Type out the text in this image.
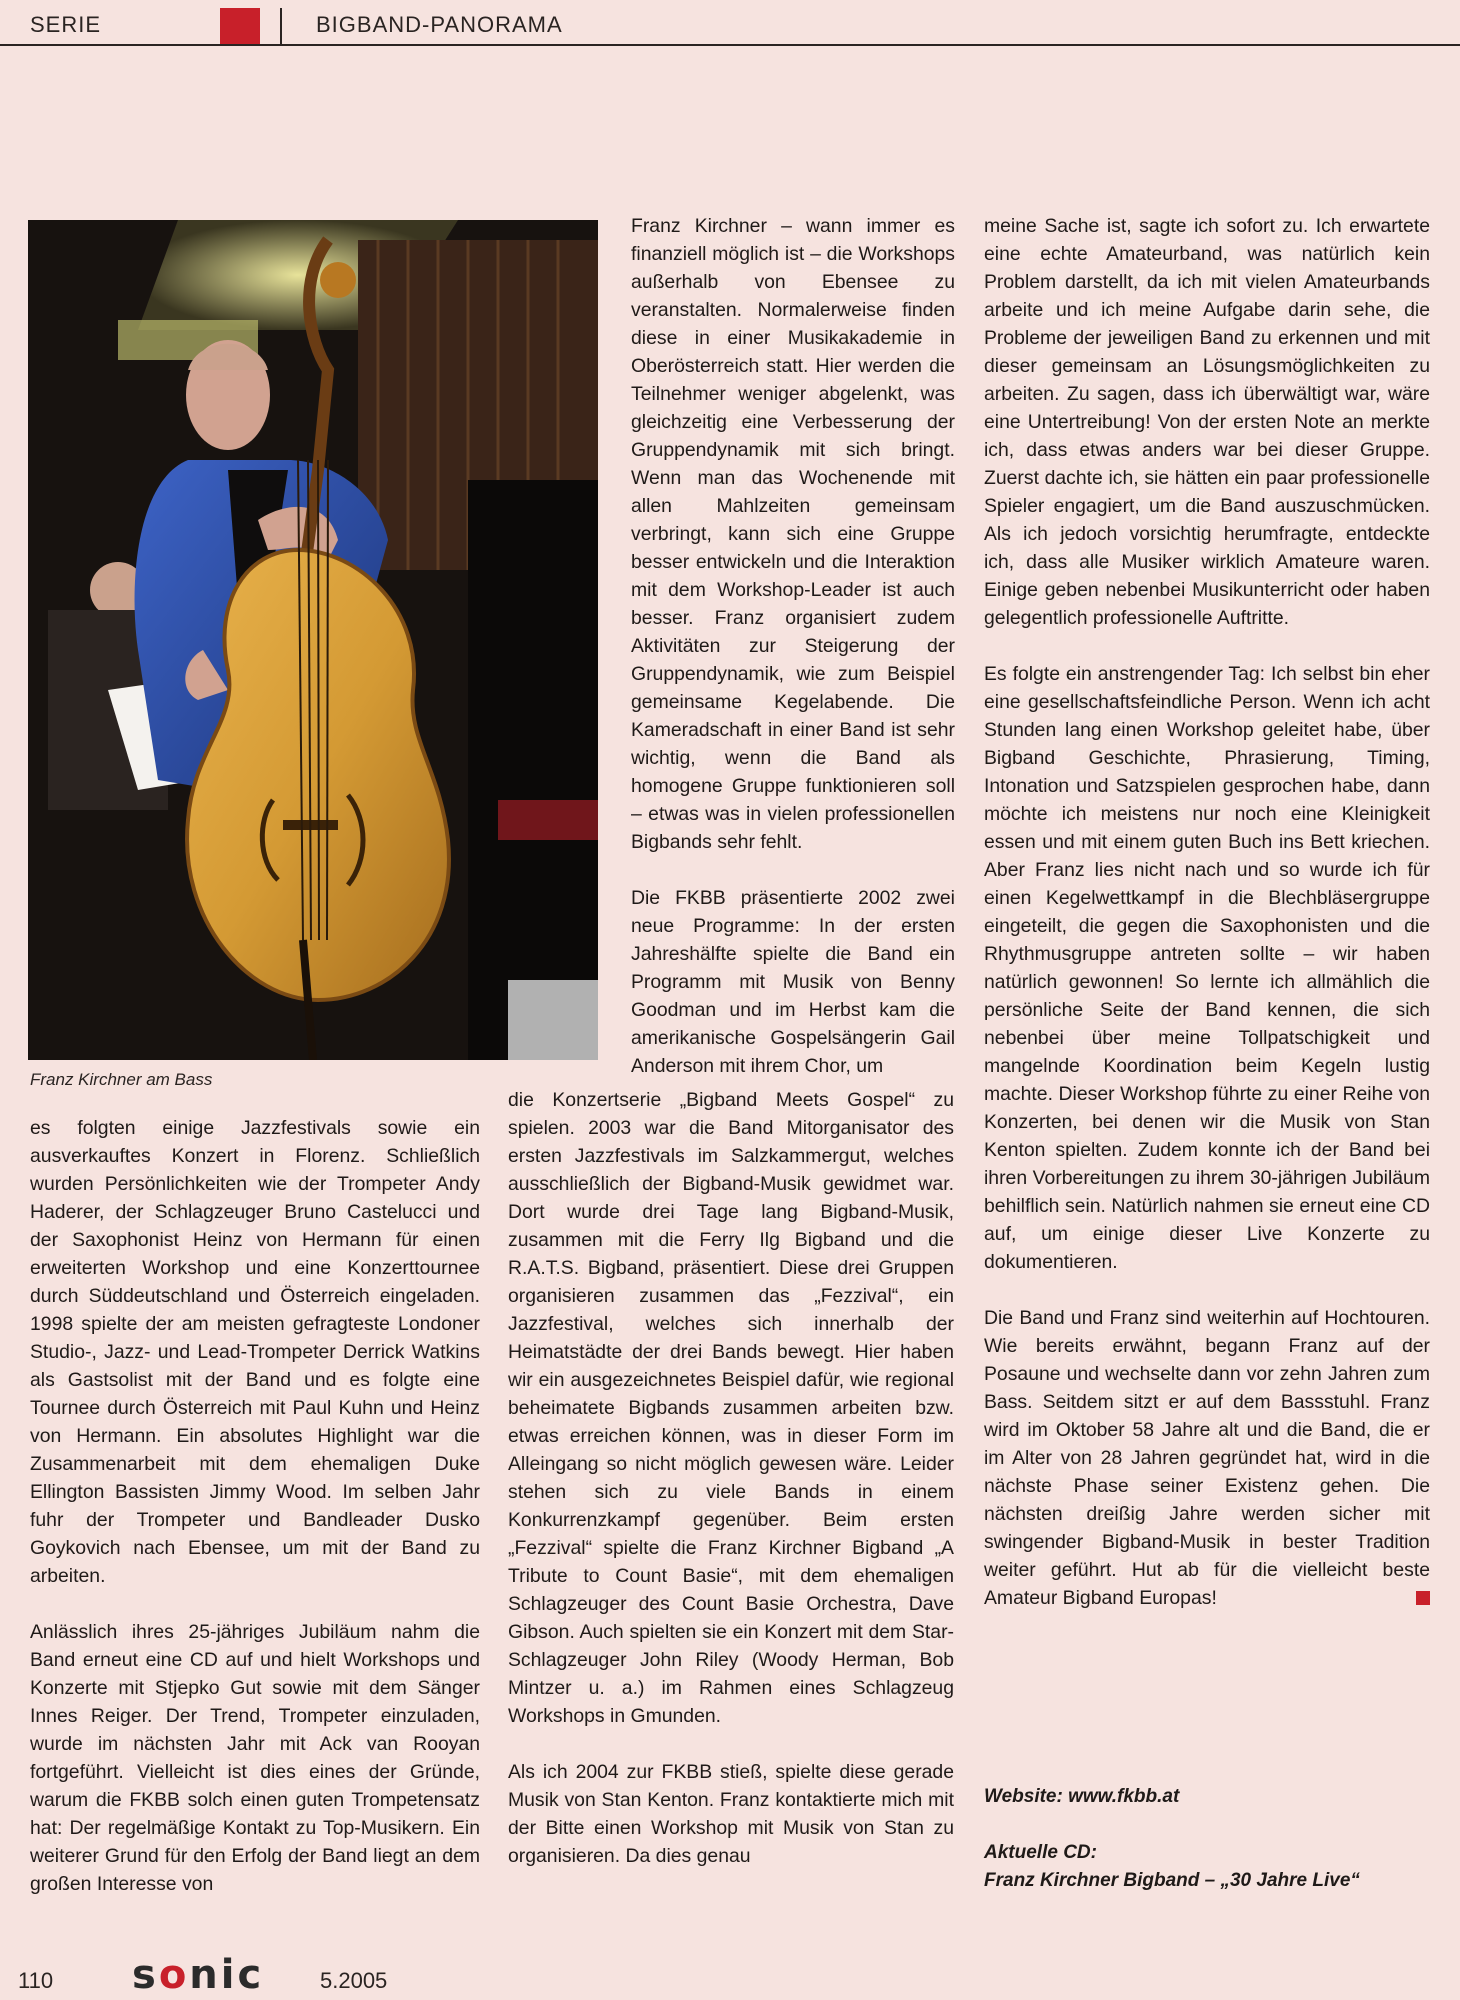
SERIE	BIGBAND-PANORAMA
Franz Kirchner am Bass

es folgten einige Jazzfestivals sowie ein ausverkauftes Konzert in Florenz. Schließlich wurden Persönlichkeiten wie der Trompeter Andy Haderer, der Schlagzeuger Bruno Castelucci und der Saxophonist Heinz von Hermann für einen erweiterten Workshop und eine Konzerttournee durch Süddeutschland und Österreich eingeladen. 1998 spielte der am meisten gefragteste Londoner Studio-, Jazz- und Lead-Trompeter Derrick Watkins als Gastsolist mit der Band und es folgte eine Tournee durch Österreich mit Paul Kuhn und Heinz von Hermann. Ein absolutes Highlight war die Zusammenarbeit mit dem ehemaligen Duke Ellington Bassisten Jimmy Wood. Im selben Jahr fuhr der Trompeter und Bandleader Dusko Goykovich nach Ebensee, um mit der Band zu arbeiten.

Anlässlich ihres 25-jähriges Jubiläum nahm die Band erneut eine CD auf und hielt Workshops und Konzerte mit Stjepko Gut sowie mit dem Sänger Innes Reiger. Der Trend, Trompeter einzuladen, wurde im nächsten Jahr mit Ack van Rooyan fortgeführt. Vielleicht ist dies eines der Gründe, warum die FKBB solch einen guten Trompetensatz hat: Der regelmäßige Kontakt zu Top-Musikern. Ein weiterer Grund für den Erfolg der Band liegt an dem großen Interesse von

Franz Kirchner – wann immer es finanziell möglich ist – die Workshops außerhalb von Ebensee zu veranstalten. Normalerweise finden diese in einer Musikakademie in Oberösterreich statt. Hier werden die Teilnehmer weniger abgelenkt, was gleichzeitig eine Verbesserung der Gruppendynamik mit sich bringt. Wenn man das Wochenende mit allen Mahlzeiten gemeinsam verbringt, kann sich eine Gruppe besser entwickeln und die Interaktion mit dem Workshop-Leader ist auch besser. Franz organisiert zudem Aktivitäten zur Steigerung der Gruppendynamik, wie zum Beispiel gemeinsame Kegelabende. Die Kameradschaft in einer Band ist sehr wichtig, wenn die Band als homogene Gruppe funktionieren soll – etwas was in vielen professionellen Bigbands sehr fehlt.

Die FKBB präsentierte 2002 zwei neue Programme: In der ersten Jahreshälfte spielte die Band ein Programm mit Musik von Benny Goodman und im Herbst kam die amerikanische Gospelsängerin Gail Anderson mit ihrem Chor, um

die Konzertserie „Bigband Meets Gospel“ zu spielen. 2003 war die Band Mitorganisator des ersten Jazzfestivals im Salzkammergut, welches ausschließlich der Bigband-Musik gewidmet war. Dort wurde drei Tage lang Bigband-Musik, zusammen mit die Ferry Ilg Bigband und die R.A.T.S. Bigband, präsentiert. Diese drei Gruppen organisieren zusammen das „Fezzival“, ein Jazzfestival, welches sich innerhalb der Heimatstädte der drei Bands bewegt. Hier haben wir ein ausgezeichnetes Beispiel dafür, wie regional beheimatete Bigbands zusammen arbeiten bzw. etwas erreichen können, was in dieser Form im Alleingang so nicht möglich gewesen wäre. Leider stehen sich zu viele Bands in einem Konkurrenzkampf gegenüber. Beim ersten „Fezzival“ spielte die Franz Kirchner Bigband „A Tribute to Count Basie“, mit dem ehemaligen Schlagzeuger des Count Basie Orchestra, Dave Gibson. Auch spielten sie ein Konzert mit dem Star-Schlagzeuger John Riley (Woody Herman, Bob Mintzer u. a.) im Rahmen eines Schlagzeug Workshops in Gmunden.

Als ich 2004 zur FKBB stieß, spielte diese gerade Musik von Stan Kenton. Franz kontaktierte mich mit der Bitte einen Workshop mit Musik von Stan zu organisieren. Da dies genau

meine Sache ist, sagte ich sofort zu. Ich erwartete eine echte Amateurband, was natürlich kein Problem darstellt, da ich mit vielen Amateurbands arbeite und ich meine Aufgabe darin sehe, die Probleme der jeweiligen Band zu erkennen und mit dieser gemeinsam an Lösungsmöglichkeiten zu arbeiten. Zu sagen, dass ich überwältigt war, wäre eine Untertreibung! Von der ersten Note an merkte ich, dass etwas anders war bei dieser Gruppe. Zuerst dachte ich, sie hätten ein paar professionelle Spieler engagiert, um die Band auszuschmücken. Als ich jedoch vorsichtig herumfragte, entdeckte ich, dass alle Musiker wirklich Amateure waren. Einige geben nebenbei Musikunterricht oder haben gelegentlich professionelle Auftritte.

Es folgte ein anstrengender Tag: Ich selbst bin eher eine gesellschaftsfeindliche Person. Wenn ich acht Stunden lang einen Workshop geleitet habe, über Bigband Geschichte, Phrasierung, Timing, Intonation und Satzspielen gesprochen habe, dann möchte ich meistens nur noch eine Kleinigkeit essen und mit einem guten Buch ins Bett kriechen. Aber Franz lies nicht nach und so wurde ich für einen Kegelwettkampf in die Blechbläsergruppe eingeteilt, die gegen die Saxophonisten und die Rhythmusgruppe antreten sollte – wir haben natürlich gewonnen! So lernte ich allmählich die persönliche Seite der Band kennen, die sich nebenbei über meine Tollpatschigkeit und mangelnde Koordination beim Kegeln lustig machte. Dieser Workshop führte zu einer Reihe von Konzerten, bei denen wir die Musik von Stan Kenton spielten. Zudem konnte ich der Band bei ihren Vorbereitungen zu ihrem 30-jährigen Jubiläum behilflich sein. Natürlich nahmen sie erneut eine CD auf, um einige dieser Live Konzerte zu dokumentieren.

Die Band und Franz sind weiterhin auf Hochtouren. Wie bereits erwähnt, begann Franz auf der Posaune und wechselte dann vor zehn Jahren zum Bass. Seitdem sitzt er auf dem Bassstuhl. Franz wird im Oktober 58 Jahre alt und die Band, die er im Alter von 28 Jahren gegründet hat, wird in die nächste Phase seiner Existenz gehen. Die nächsten dreißig Jahre werden sicher mit swingender Bigband-Musik in bester Tradition weiter geführt. Hut ab für die vielleicht beste Amateur Bigband Europas!

Website: www.fkbb.at
Aktuelle CD:
Franz Kirchner Bigband – „30 Jahre Live“
110 sonic	5.2005
